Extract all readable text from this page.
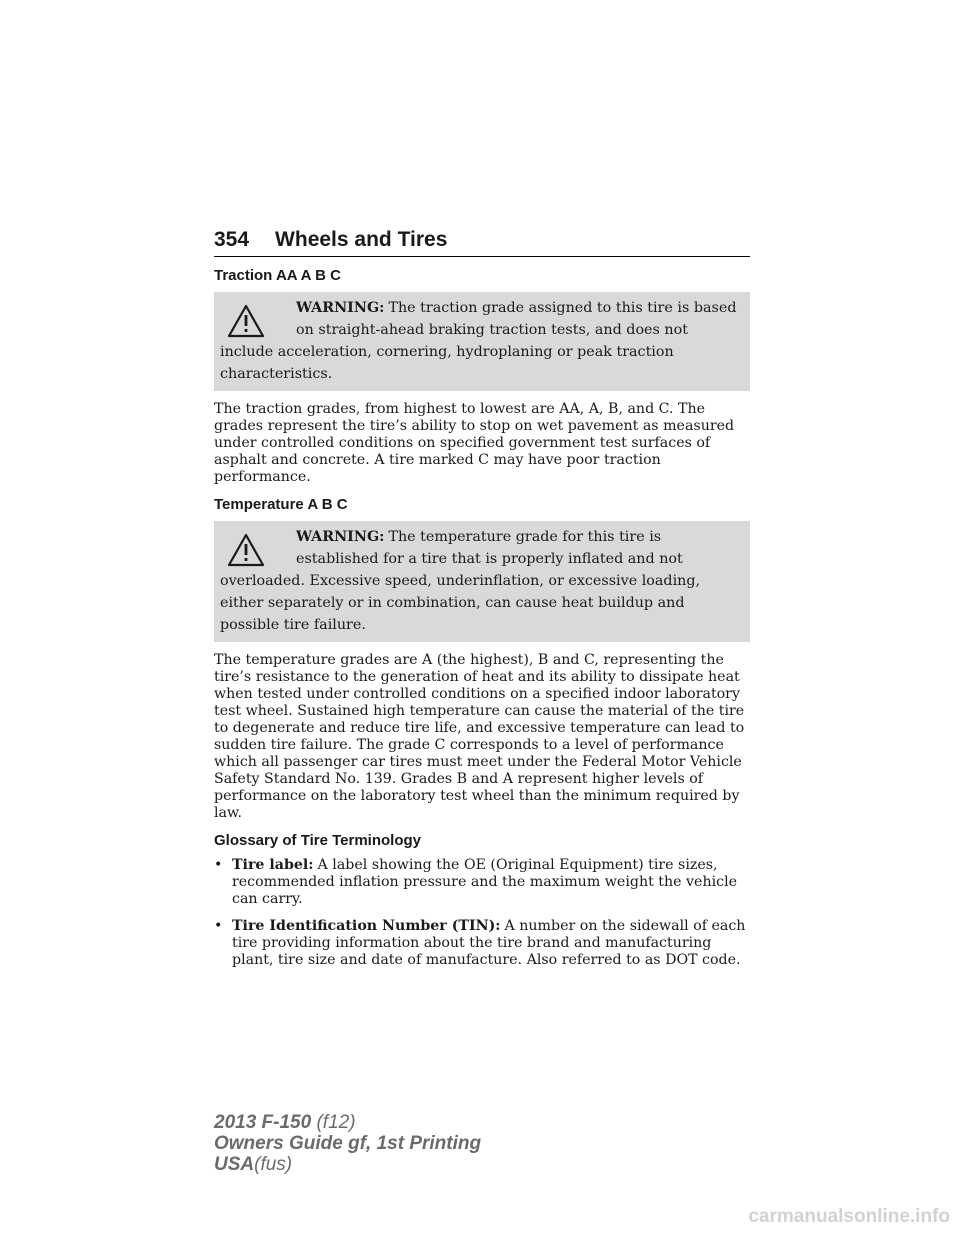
354 Wheels and Tires
Traction AA A B C
WARNING: The traction grade assigned to this tire is based on straight-ahead braking traction tests, and does not include acceleration, cornering, hydroplaning or peak traction characteristics.

The traction grades, from highest to lowest are AA, A, B, and C. The grades represent the tire’s ability to stop on wet pavement as measured under controlled conditions on specified government test surfaces of asphalt and concrete. A tire marked C may have poor traction performance.

Temperature A B C
WARNING: The temperature grade for this tire is established for a tire that is properly inflated and not overloaded. Excessive speed, underinflation, or excessive loading, either separately or in combination, can cause heat buildup and possible tire failure.

The temperature grades are A (the highest), B and C, representing the tire’s resistance to the generation of heat and its ability to dissipate heat when tested under controlled conditions on a specified indoor laboratory test wheel. Sustained high temperature can cause the material of the tire to degenerate and reduce tire life, and excessive temperature can lead to sudden tire failure. The grade C corresponds to a level of performance which all passenger car tires must meet under the Federal Motor Vehicle Safety Standard No. 139. Grades B and A represent higher levels of performance on the laboratory test wheel than the minimum required by law.

Glossary of Tire Terminology
• Tire label: A label showing the OE (Original Equipment) tire sizes, recommended inflation pressure and the maximum weight the vehicle can carry.
• Tire Identification Number (TIN): A number on the sidewall of each tire providing information about the tire brand and manufacturing plant, tire size and date of manufacture. Also referred to as DOT code.
2013 F-150 (f12)
Owners Guide gf, 1st Printing
USA(fus)
carmanualsonline.info
